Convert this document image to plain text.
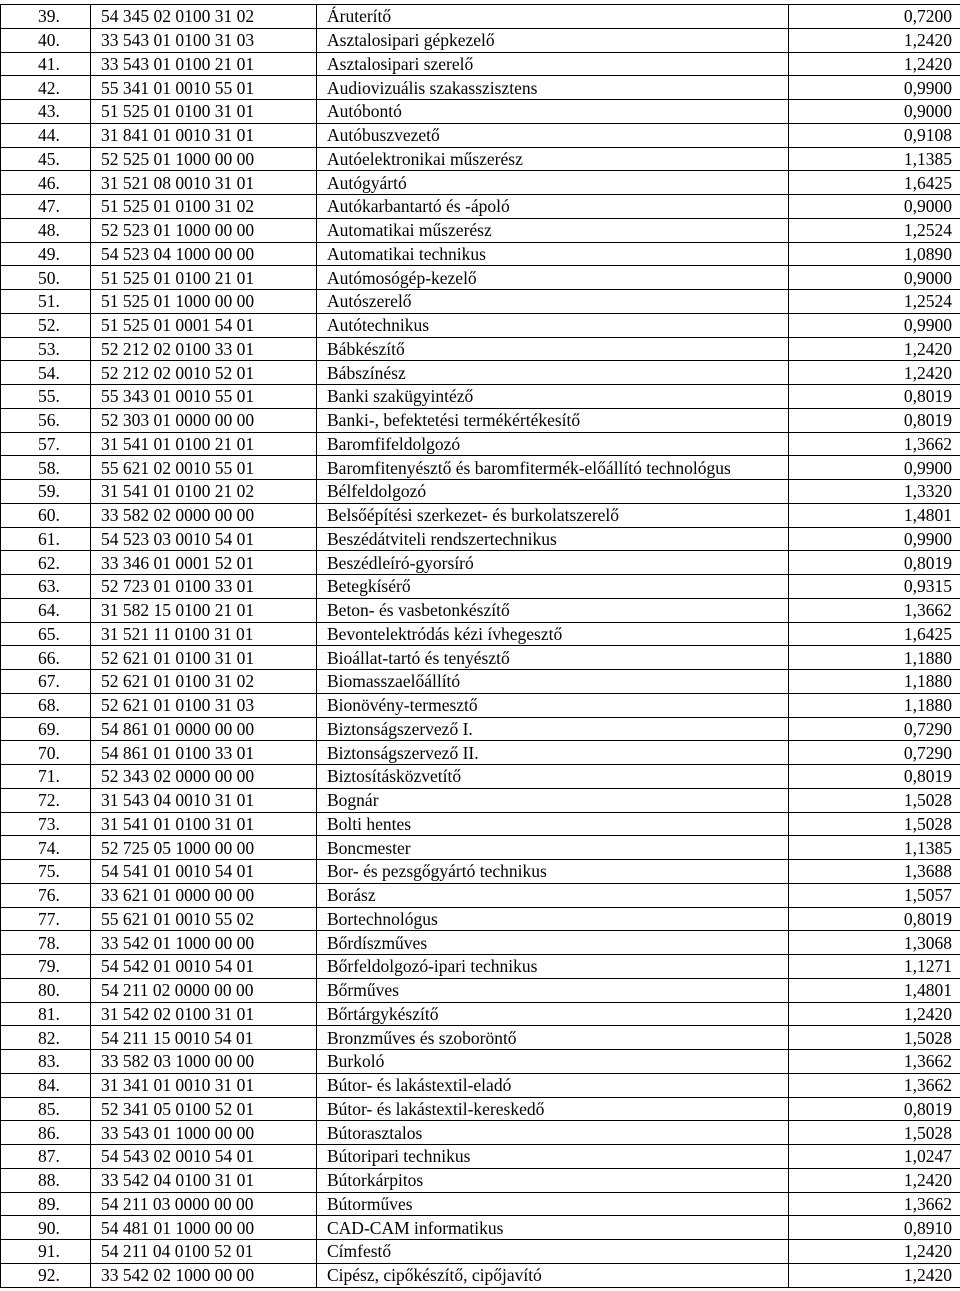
39.	54 345 02 0100 31 02	Áruterítő	0,7200
40.	33 543 01 0100 31 03	Asztalosipari gépkezelő	1,2420
41.	33 543 01 0100 21 01	Asztalosipari szerelő	1,2420
42.	55 341 01 0010 55 01	Audiovizuális szakasszisztens	0,9900
43.	51 525 01 0100 31 01	Autóbontó	0,9000
44.	31 841 01 0010 31 01	Autóbuszvezető	0,9108
45.	52 525 01 1000 00 00	Autóelektronikai műszerész	1,1385
46.	31 521 08 0010 31 01	Autógyártó	1,6425
47.	51 525 01 0100 31 02	Autókarbantartó és -ápoló	0,9000
48.	52 523 01 1000 00 00	Automatikai műszerész	1,2524
49.	54 523 04 1000 00 00	Automatikai technikus	1,0890
50.	51 525 01 0100 21 01	Autómosógép-kezelő	0,9000
51.	51 525 01 1000 00 00	Autószerelő	1,2524
52.	51 525 01 0001 54 01	Autótechnikus	0,9900
53.	52 212 02 0100 33 01	Bábkészítő	1,2420
54.	52 212 02 0010 52 01	Bábszínész	1,2420
55.	55 343 01 0010 55 01	Banki szakügyintéző	0,8019
56.	52 303 01 0000 00 00	Banki-, befektetési termékértékesítő	0,8019
57.	31 541 01 0100 21 01	Baromfifeldolgozó	1,3662
58.	55 621 02 0010 55 01	Baromfitenyésztő és baromfitermék-előállító technológus	0,9900
59.	31 541 01 0100 21 02	Bélfeldolgozó	1,3320
60.	33 582 02 0000 00 00	Belsőépítési szerkezet- és burkolatszerelő	1,4801
61.	54 523 03 0010 54 01	Beszédátviteli rendszertechnikus	0,9900
62.	33 346 01 0001 52 01	Beszédleíró-gyorsíró	0,8019
63.	52 723 01 0100 33 01	Betegkísérő	0,9315
64.	31 582 15 0100 21 01	Beton- és vasbetonkészítő	1,3662
65.	31 521 11 0100 31 01	Bevontelektródás kézi ívhegesztő	1,6425
66.	52 621 01 0100 31 01	Bioállat-tartó és tenyésztő	1,1880
67.	52 621 01 0100 31 02	Biomasszaelőállító	1,1880
68.	52 621 01 0100 31 03	Bionövény-termesztő	1,1880
69.	54 861 01 0000 00 00	Biztonságszervező I.	0,7290
70.	54 861 01 0100 33 01	Biztonságszervező II.	0,7290
71.	52 343 02 0000 00 00	Biztosításközvetítő	0,8019
72.	31 543 04 0010 31 01	Bognár	1,5028
73.	31 541 01 0100 31 01	Bolti hentes	1,5028
74.	52 725 05 1000 00 00	Boncmester	1,1385
75.	54 541 01 0010 54 01	Bor- és pezsgőgyártó technikus	1,3688
76.	33 621 01 0000 00 00	Borász	1,5057
77.	55 621 01 0010 55 02	Bortechnológus	0,8019
78.	33 542 01 1000 00 00	Bőrdíszműves	1,3068
79.	54 542 01 0010 54 01	Bőrfeldolgozó-ipari technikus	1,1271
80.	54 211 02 0000 00 00	Bőrműves	1,4801
81.	31 542 02 0100 31 01	Bőrtárgykészítő	1,2420
82.	54 211 15 0010 54 01	Bronzműves és szoboröntő	1,5028
83.	33 582 03 1000 00 00	Burkoló	1,3662
84.	31 341 01 0010 31 01	Bútor- és lakástextil-eladó	1,3662
85.	52 341 05 0100 52 01	Bútor- és lakástextil-kereskedő	0,8019
86.	33 543 01 1000 00 00	Bútorasztalos	1,5028
87.	54 543 02 0010 54 01	Bútoripari technikus	1,0247
88.	33 542 04 0100 31 01	Bútorkárpitos	1,2420
89.	54 211 03 0000 00 00	Bútorműves	1,3662
90.	54 481 01 1000 00 00	CAD-CAM informatikus	0,8910
91.	54 211 04 0100 52 01	Címfestő	1,2420
92.	33 542 02 1000 00 00	Cipész, cipőkészítő, cipőjavító	1,2420
